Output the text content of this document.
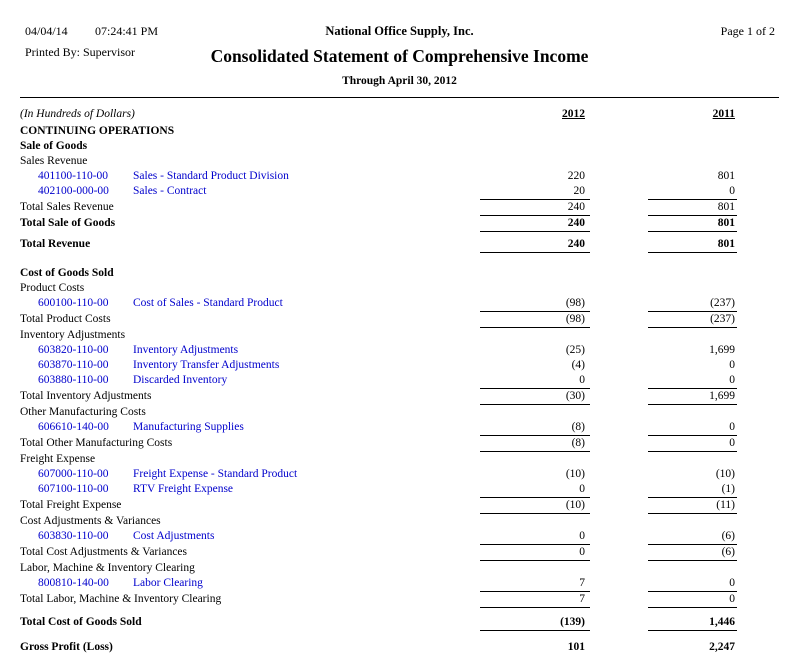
04/04/14 07:24:41 PM	National Office Supply, Inc.	Page 1 of 2
Printed By: Supervisor	Consolidated Statement of Comprehensive Income
Through April 30, 2012
(In Hundreds of Dollars)	2012	2011
CONTINUING OPERATIONS
Sale of Goods
Sales Revenue
401100-110-00 Sales - Standard Product Division	220	801
402100-000-00 Sales - Contract	20	0
Total Sales Revenue	240	801
Total Sale of Goods	240	801
Total Revenue	240	801
Cost of Goods Sold
Product Costs
600100-110-00 Cost of Sales - Standard Product	(98)	(237)
Total Product Costs	(98)	(237)
Inventory Adjustments
603820-110-00 Inventory Adjustments	(25)	1,699
603870-110-00 Inventory Transfer Adjustments	(4)	0
603880-110-00 Discarded Inventory	0	0
Total Inventory Adjustments	(30)	1,699
Other Manufacturing Costs
606610-140-00 Manufacturing Supplies	(8)	0
Total Other Manufacturing Costs	(8)	0
Freight Expense
607000-110-00 Freight Expense - Standard Product	(10)	(10)
607100-110-00 RTV Freight Expense	0	(1)
Total Freight Expense	(10)	(11)
Cost Adjustments & Variances
603830-110-00 Cost Adjustments	0	(6)
Total Cost Adjustments & Variances	0	(6)
Labor, Machine & Inventory Clearing
800810-140-00 Labor Clearing	7	0
Total Labor, Machine & Inventory Clearing	7	0
Total Cost of Goods Sold	(139)	1,446
Gross Profit (Loss)	101	2,247
